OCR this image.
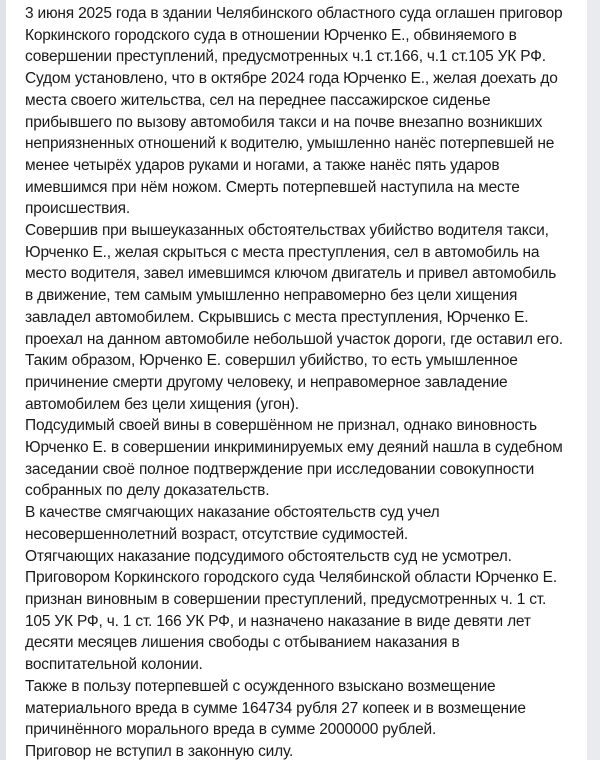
3 июня 2025 года в здании Челябинского областного суда оглашен приговор
Коркинского городского суда в отношении Юрченко Е., обвиняемого в
совершении преступлений, предусмотренных ч.1 ст.166, ч.1 ст.105 УК РФ.
Судом установлено, что в октябре 2024 года Юрченко Е., желая доехать до
места своего жительства, сел на переднее пассажирское сиденье
прибывшего по вызову автомобиля такси и на почве внезапно возникших
неприязненных отношений к водителю, умышленно нанёс потерпевшей не
менее четырёх ударов руками и ногами, а также нанёс пять ударов
имевшимся при нём ножом. Смерть потерпевшей наступила на месте
происшествия.
Совершив при вышеуказанных обстоятельствах убийство водителя такси,
Юрченко Е., желая скрыться с места преступления, сел в автомобиль на
место водителя, завел имевшимся ключом двигатель и привел автомобиль
в движение, тем самым умышленно неправомерно без цели хищения
завладел автомобилем. Скрывшись с места преступления, Юрченко Е.
проехал на данном автомобиле небольшой участок дороги, где оставил его.
Таким образом, Юрченко Е. совершил убийство, то есть умышленное
причинение смерти другому человеку, и неправомерное завладение
автомобилем без цели хищения (угон).
Подсудимый своей вины в совершённом не признал, однако виновность
Юрченко Е. в совершении инкриминируемых ему деяний нашла в судебном
заседании своё полное подтверждение при исследовании совокупности
собранных по делу доказательств.
В качестве смягчающих наказание обстоятельств суд учел
несовершеннолетний возраст, отсутствие судимостей.
Отягчающих наказание подсудимого обстоятельств суд не усмотрел.
Приговором Коркинского городского суда Челябинской области Юрченко Е.
признан виновным в совершении преступлений, предусмотренных ч. 1 ст.
105 УК РФ, ч. 1 ст. 166 УК РФ, и назначено наказание в виде девяти лет
десяти месяцев лишения свободы с отбыванием наказания в
воспитательной колонии.
Также в пользу потерпевшей с осужденного взыскано возмещение
материального вреда в сумме 164734 рубля 27 копеек и в возмещение
причинённого морального вреда в сумме 2000000 рублей.
Приговор не вступил в законную силу.
